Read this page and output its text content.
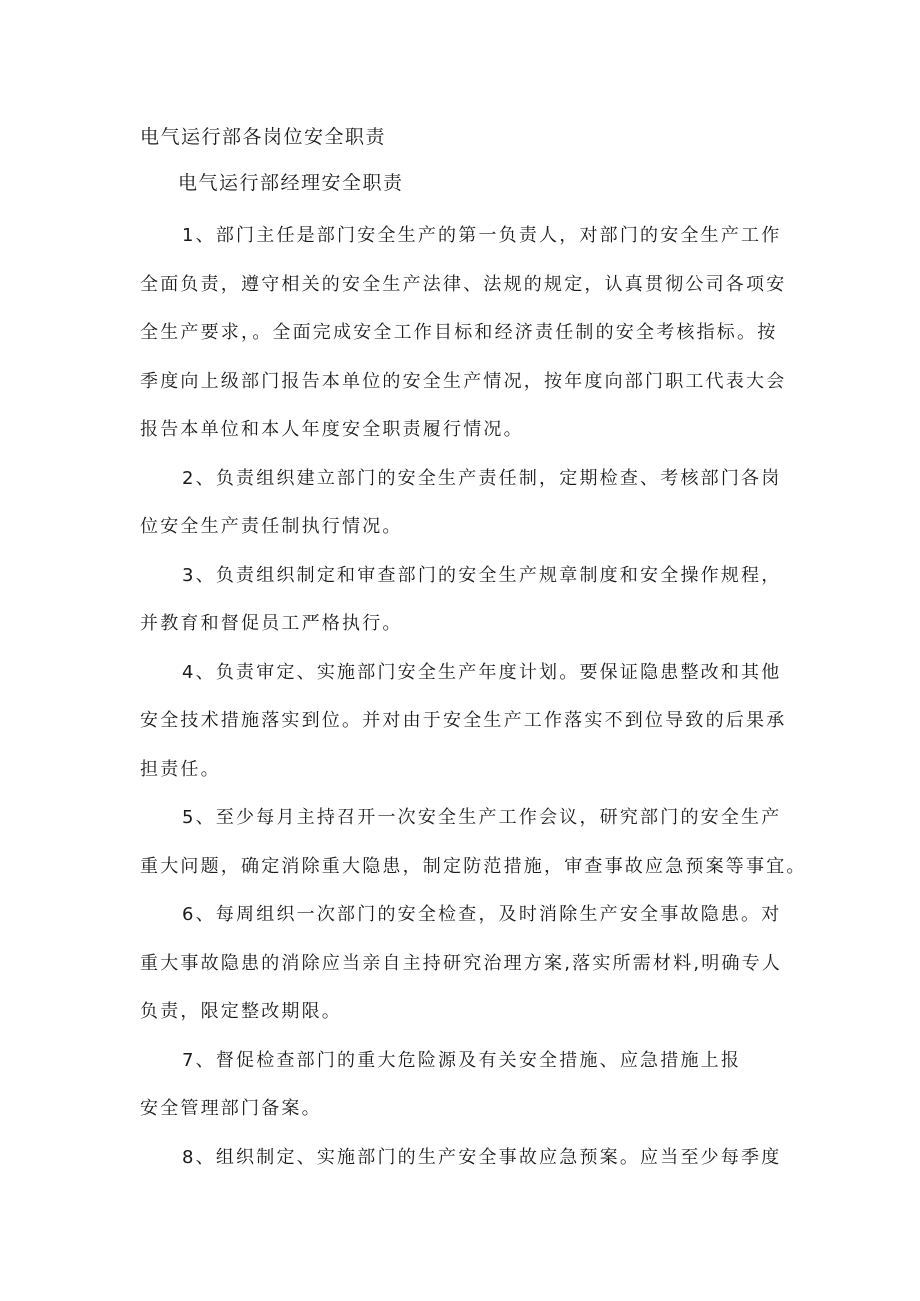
电气运行部各岗位安全职责
电气运行部经理安全职责
1、部门主任是部门安全生产的第一负责人，对部门的安全生产工作
全面负责，遵守相关的安全生产法律、法规的规定，认真贯彻公司各项安
全生产要求，。全面完成安全工作目标和经济责任制的安全考核指标。按
季度向上级部门报告本单位的安全生产情况，按年度向部门职工代表大会
报告本单位和本人年度安全职责履行情况。
2、负责组织建立部门的安全生产责任制，定期检查、考核部门各岗
位安全生产责任制执行情况。
3、负责组织制定和审查部门的安全生产规章制度和安全操作规程，
并教育和督促员工严格执行。
4、负责审定、实施部门安全生产年度计划。要保证隐患整改和其他
安全技术措施落实到位。并对由于安全生产工作落实不到位导致的后果承
担责任。
5、至少每月主持召开一次安全生产工作会议，研究部门的安全生产
重大问题，确定消除重大隐患，制定防范措施，审查事故应急预案等事宜。
6、每周组织一次部门的安全检查，及时消除生产安全事故隐患。对
重大事故隐患的消除应当亲自主持研究治理方案,落实所需材料,明确专人
负责，限定整改期限。
7、督促检查部门的重大危险源及有关安全措施、应急措施上报
安全管理部门备案。
8、组织制定、实施部门的生产安全事故应急预案。应当至少每季度
